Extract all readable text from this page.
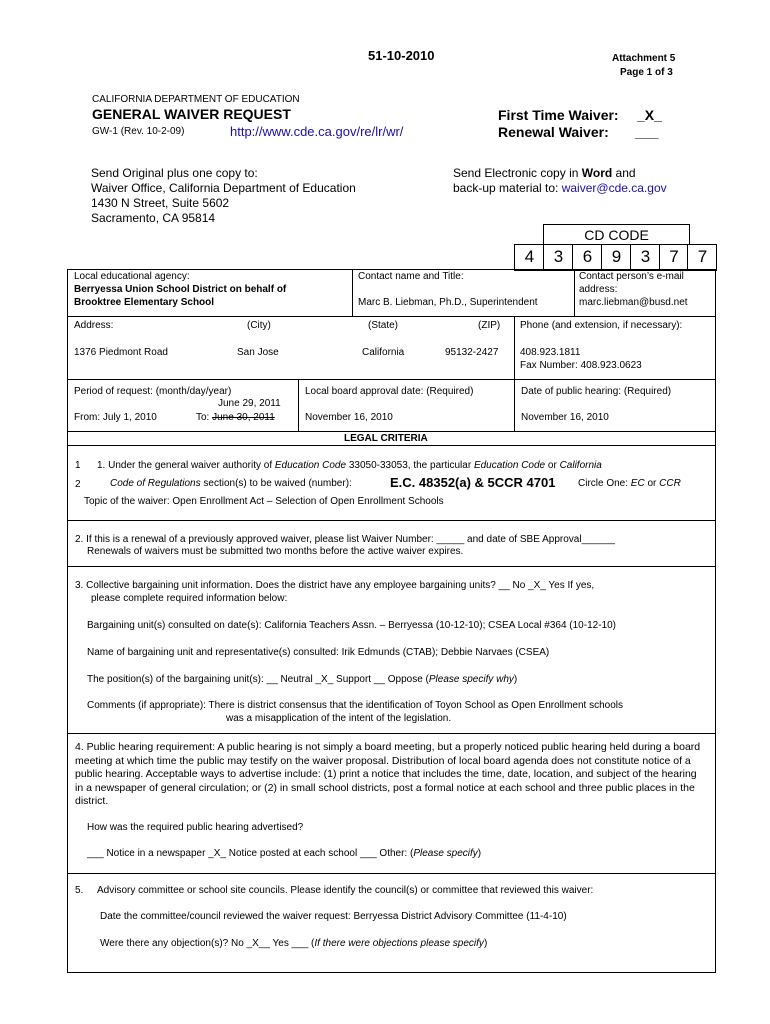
51-10-2010	Attachment 5
Page 1 of 3
CALIFORNIA DEPARTMENT OF EDUCATION
GENERAL WAIVER REQUEST
GW-1 (Rev. 10-2-09)	http://www.cde.ca.gov/re/lr/wr/
First Time Waiver: _X_
Renewal Waiver: ___
Send Original plus one copy to:
Waiver Office, California Department of Education
1430 N Street, Suite 5602
Sacramento, CA 95814
Send Electronic copy in Word and
back-up material to: waiver@cde.ca.gov
CD CODE
4	3	6	9	3	7	7
Local educational agency:
Berryessa Union School District on behalf of
Brooktree Elementary School
Contact name and Title:
Marc B. Liebman, Ph.D., Superintendent
Contact person’s e-mail
address:
marc.liebman@busd.net
Address:	(City)	(State)	(ZIP) Phone (and extension, if necessary):
1376 Piedmont Road	San Jose	California	95132-2427 408.923.1811
Fax Number: 408.923.0623
Period of request: (month/day/year)
June 29, 2011
From: July 1, 2010	To: June 30, 2011
Local board approval date: (Required)
November 16, 2010
Date of public hearing: (Required)
November 16, 2010
LEGAL CRITERIA
1 1. Under the general waiver authority of Education Code 33050-33053, the particular Education Code or California
2	Code of Regulations section(s) to be waived (number):	E.C. 48352(a) & 5CCR 4701 Circle One: EC or CCR
Topic of the waiver: Open Enrollment Act – Selection of Open Enrollment Schools
2. If this is a renewal of a previously approved waiver, please list Waiver Number: _____ and date of SBE Approval______
Renewals of waivers must be submitted two months before the active waiver expires.
3. Collective bargaining unit information. Does the district have any employee bargaining units? __ No _X_ Yes If yes,
please complete required information below:
Bargaining unit(s) consulted on date(s): California Teachers Assn. – Berryessa (10-12-10); CSEA Local #364 (10-12-10)
Name of bargaining unit and representative(s) consulted: Irik Edmunds (CTAB); Debbie Narvaes (CSEA)
The position(s) of the bargaining unit(s): __ Neutral _X_ Support __ Oppose (Please specify why)
Comments (if appropriate): There is district consensus that the identification of Toyon School as Open Enrollment schools
was a misapplication of the intent of the legislation.
4. Public hearing requirement: A public hearing is not simply a board meeting, but a properly noticed public hearing held during a board meeting at which time the public may testify on the waiver proposal. Distribution of local board agenda does not constitute notice of a public hearing. Acceptable ways to advertise include: (1) print a notice that includes the time, date, location, and subject of the hearing in a newspaper of general circulation; or (2) in small school districts, post a formal notice at each school and three public places in the district.
How was the required public hearing advertised?
___ Notice in a newspaper _X_ Notice posted at each school ___ Other: (Please specify)
5. Advisory committee or school site councils. Please identify the council(s) or committee that reviewed this waiver:
Date the committee/council reviewed the waiver request: Berryessa District Advisory Committee (11-4-10)
Were there any objection(s)? No _X__ Yes ___ (If there were objections please specify)
